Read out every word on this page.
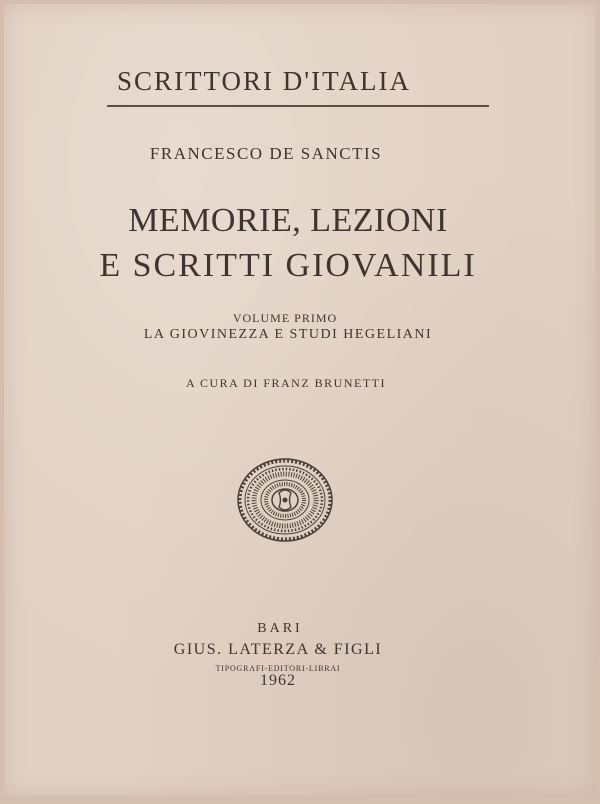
SCRITTORI D'ITALIA
FRANCESCO DE SANCTIS
MEMORIE, LEZIONI
E SCRITTI GIOVANILI
VOLUME PRIMO
LA GIOVINEZZA E STUDI HEGELIANI
A CURA DI FRANZ BRUNETTI
BARI
GIUS. LATERZA & FIGLI
TIPOGRAFI-EDITORI-LIBRAI
1962
